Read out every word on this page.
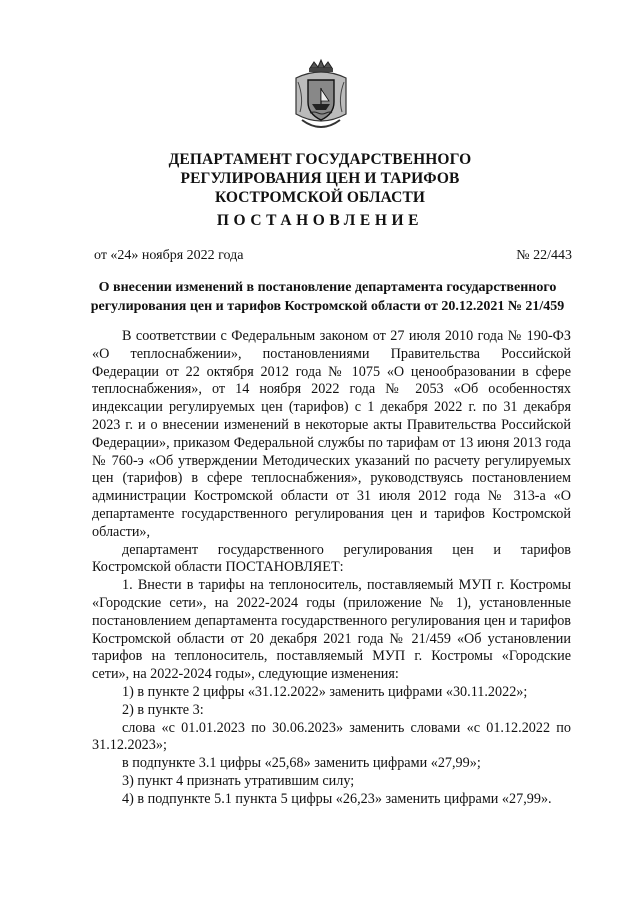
ДЕПАРТАМЕНТ ГОСУДАРСТВЕННОГО
РЕГУЛИРОВАНИЯ ЦЕН И ТАРИФОВ
КОСТРОМСКОЙ ОБЛАСТИ
ПОСТАНОВЛЕНИЕ
от «24» ноября 2022 года	№ 22/443
О внесении изменений в постановление департамента государственного регулирования цен и тарифов Костромской области от 20.12.2021 № 21/459

В соответствии с Федеральным законом от 27 июля 2010 года № 190-ФЗ «О теплоснабжении», постановлениями Правительства Российской Федерации от 22 октября 2012 года № 1075 «О ценообразовании в сфере теплоснабжения», от 14 ноября 2022 года № 2053 «Об особенностях индексации регулируемых цен (тарифов) с 1 декабря 2022 г. по 31 декабря 2023 г. и о внесении изменений в некоторые акты Правительства Российской Федерации», приказом Федеральной службы по тарифам от 13 июня 2013 года № 760-э «Об утверждении Методических указаний по расчету регулируемых цен (тарифов) в сфере теплоснабжения», руководствуясь постановлением администрации Костромской области от 31 июля 2012 года № 313-а «О департаменте государственного регулирования цен и тарифов Костромской области»,

департамент государственного регулирования цен и тарифов Костромской области ПОСТАНОВЛЯЕТ:

1. Внести в тарифы на теплоноситель, поставляемый МУП г. Костромы «Городские сети», на 2022-2024 годы (приложение № 1), установленные постановлением департамента государственного регулирования цен и тарифов Костромской области от 20 декабря 2021 года № 21/459 «Об установлении тарифов на теплоноситель, поставляемый МУП г. Костромы «Городские сети», на 2022-2024 годы», следующие изменения:

1) в пункте 2 цифры «31.12.2022» заменить цифрами «30.11.2022»;

2) в пункте 3:

слова «с 01.01.2023 по 30.06.2023» заменить словами «с 01.12.2022 по 31.12.2023»;

в подпункте 3.1 цифры «25,68» заменить цифрами «27,99»;

3) пункт 4 признать утратившим силу;

4) в подпункте 5.1 пункта 5 цифры «26,23» заменить цифрами «27,99».
